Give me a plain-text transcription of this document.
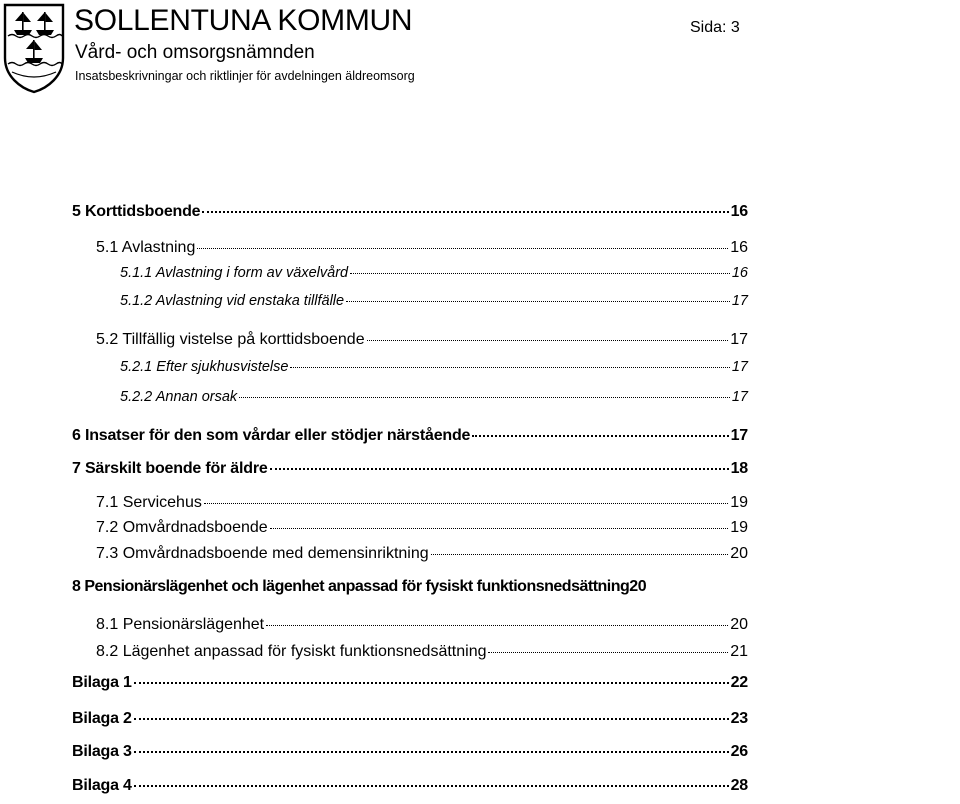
SOLLENTUNA KOMMUN
Vård- och omsorgsnämnden
Insatsbeskrivningar och riktlinjer för avdelningen äldreomsorg
Sida: 3
5 Korttidsboende	16
5.1 Avlastning	16
5.1.1 Avlastning i form av växelvård	16
5.1.2 Avlastning vid enstaka tillfälle	17
5.2 Tillfällig vistelse på korttidsboende	17
5.2.1 Efter sjukhusvistelse	17
5.2.2 Annan orsak	17
6 Insatser för den som vårdar eller stödjer närstående	17
7 Särskilt boende för äldre	18
7.1 Servicehus	19
7.2 Omvårdnadsboende	19
7.3 Omvårdnadsboende med demensinriktning	20
8 Pensionärslägenhet och lägenhet anpassad för fysiskt funktionsnedsättning 20
8.1 Pensionärslägenhet	20
8.2 Lägenhet anpassad för fysiskt funktionsnedsättning	21
Bilaga 1	22
Bilaga 2	23
Bilaga 3	26
Bilaga 4	28
